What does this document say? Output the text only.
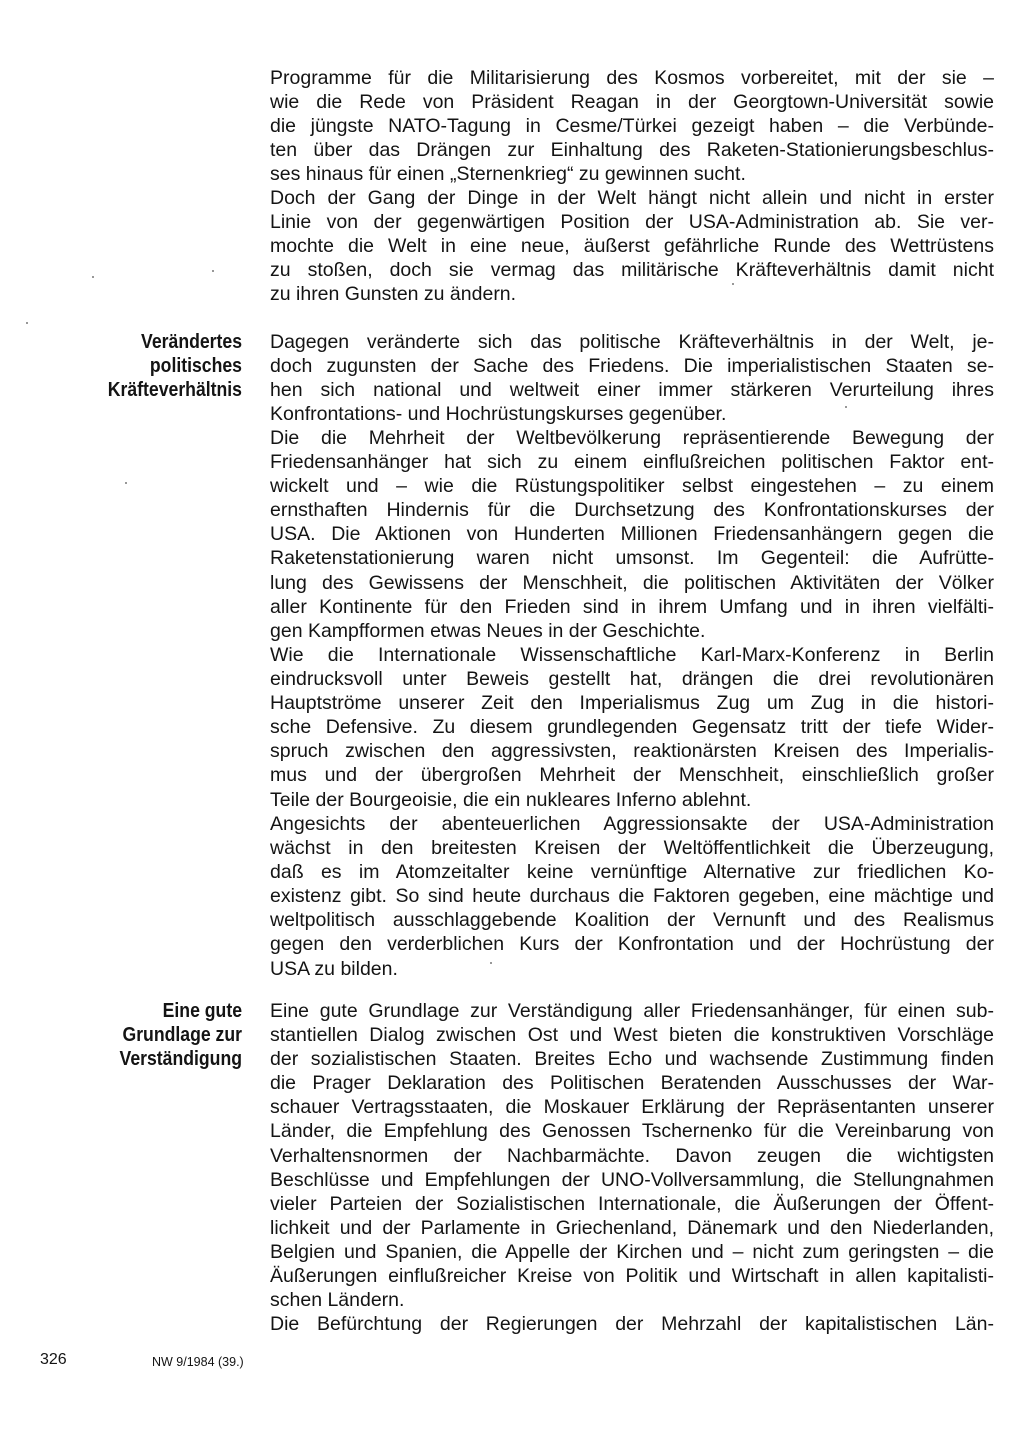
Programme für die Militarisierung des Kosmos vorbereitet, mit der sie –
wie die Rede von Präsident Reagan in der Georgtown-Universität sowie
die jüngste NATO-Tagung in Cesme/Türkei gezeigt haben – die Verbünde-
ten über das Drängen zur Einhaltung des Raketen-Stationierungsbeschlus-
ses hinaus für einen „Sternenkrieg“ zu gewinnen sucht.
Doch der Gang der Dinge in der Welt hängt nicht allein und nicht in erster
Linie von der gegenwärtigen Position der USA-Administration ab. Sie ver-
mochte die Welt in eine neue, äußerst gefährliche Runde des Wettrüstens
zu stoßen, doch sie vermag das militärische Kräfteverhältnis damit nicht
zu ihren Gunsten zu ändern.
Verändertes
politisches
Kräfteverhältnis
Dagegen veränderte sich das politische Kräfteverhältnis in der Welt, je-
doch zugunsten der Sache des Friedens. Die imperialistischen Staaten se-
hen sich national und weltweit einer immer stärkeren Verurteilung ihres
Konfrontations- und Hochrüstungskurses gegenüber.
Die die Mehrheit der Weltbevölkerung repräsentierende Bewegung der
Friedensanhänger hat sich zu einem einflußreichen politischen Faktor ent-
wickelt und – wie die Rüstungspolitiker selbst eingestehen – zu einem
ernsthaften Hindernis für die Durchsetzung des Konfrontationskurses der
USA. Die Aktionen von Hunderten Millionen Friedensanhängern gegen die
Raketenstationierung waren nicht umsonst. Im Gegenteil: die Aufrütte-
lung des Gewissens der Menschheit, die politischen Aktivitäten der Völker
aller Kontinente für den Frieden sind in ihrem Umfang und in ihren vielfälti-
gen Kampfformen etwas Neues in der Geschichte.
Wie die Internationale Wissenschaftliche Karl-Marx-Konferenz in Berlin
eindrucksvoll unter Beweis gestellt hat, drängen die drei revolutionären
Hauptströme unserer Zeit den Imperialismus Zug um Zug in die histori-
sche Defensive. Zu diesem grundlegenden Gegensatz tritt der tiefe Wider-
spruch zwischen den aggressivsten, reaktionärsten Kreisen des Imperialis-
mus und der übergroßen Mehrheit der Menschheit, einschließlich großer
Teile der Bourgeoisie, die ein nukleares Inferno ablehnt.
Angesichts der abenteuerlichen Aggressionsakte der USA-Administration
wächst in den breitesten Kreisen der Weltöffentlichkeit die Überzeugung,
daß es im Atomzeitalter keine vernünftige Alternative zur friedlichen Ko-
existenz gibt. So sind heute durchaus die Faktoren gegeben, eine mächtige und
weltpolitisch ausschlaggebende Koalition der Vernunft und des Realismus
gegen den verderblichen Kurs der Konfrontation und der Hochrüstung der
USA zu bilden.
Eine gute
Grundlage zur
Verständigung
Eine gute Grundlage zur Verständigung aller Friedensanhänger, für einen sub-
stantiellen Dialog zwischen Ost und West bieten die konstruktiven Vorschläge
der sozialistischen Staaten. Breites Echo und wachsende Zustimmung finden
die Prager Deklaration des Politischen Beratenden Ausschusses der War-
schauer Vertragsstaaten, die Moskauer Erklärung der Repräsentanten unserer
Länder, die Empfehlung des Genossen Tschernenko für die Vereinbarung von
Verhaltensnormen der Nachbarmächte. Davon zeugen die wichtigsten
Beschlüsse und Empfehlungen der UNO-Vollversammlung, die Stellungnahmen
vieler Parteien der Sozialistischen Internationale, die Äußerungen der Öffent-
lichkeit und der Parlamente in Griechenland, Dänemark und den Niederlanden,
Belgien und Spanien, die Appelle der Kirchen und – nicht zum geringsten – die
Äußerungen einflußreicher Kreise von Politik und Wirtschaft in allen kapitalisti-
schen Ländern.
Die Befürchtung der Regierungen der Mehrzahl der kapitalistischen Län-
326	NW 9/1984 (39.)
